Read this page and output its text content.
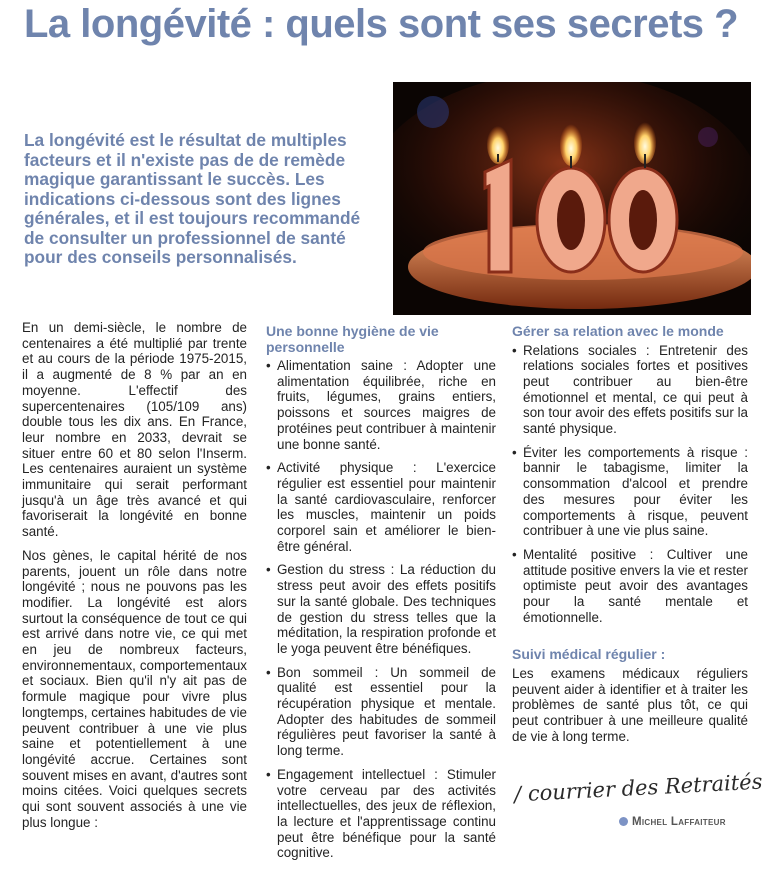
La longévité : quels sont ses secrets ?

La longévité est le résultat de multiples facteurs et il n'existe pas de de remède magique garantissant le succès. Les indications ci-dessous sont des lignes générales, et il est toujours recommandé de consulter un professionnel de santé pour des conseils personnalisés.

En un demi-siècle, le nombre de centenaires a été multiplié par trente et au cours de la période 1975-2015, il a augmenté de 8 % par an en moyenne. L'effectif des supercentenaires (105/109 ans) double tous les dix ans. En France, leur nombre en 2033, devrait se situer entre 60 et 80 selon l'Inserm. Les centenaires auraient un système immunitaire qui serait performant jusqu'à un âge très avancé et qui favoriserait la longévité en bonne santé.

Nos gènes, le capital hérité de nos parents, jouent un rôle dans notre longévité ; nous ne pouvons pas les modifier. La longévité est alors surtout la conséquence de tout ce qui est arrivé dans notre vie, ce qui met en jeu de nombreux facteurs, environnementaux, comportementaux et sociaux. Bien qu'il n'y ait pas de formule magique pour vivre plus longtemps, certaines habitudes de vie peuvent contribuer à une vie plus saine et potentiellement à une longévité accrue. Certaines sont souvent mises en avant, d'autres sont moins citées. Voici quelques secrets qui sont souvent associés à une vie plus longue :

Une bonne hygiène de vie personnelle

• Alimentation saine : Adopter une alimentation équilibrée, riche en fruits, légumes, grains entiers, poissons et sources maigres de protéines peut contribuer à maintenir une bonne santé.

• Activité physique : L'exercice régulier est essentiel pour maintenir la santé cardiovasculaire, renforcer les muscles, maintenir un poids corporel sain et améliorer le bien-être général.

• Gestion du stress : La réduction du stress peut avoir des effets positifs sur la santé globale. Des techniques de gestion du stress telles que la méditation, la respiration profonde et le yoga peuvent être bénéfiques.

• Bon sommeil : Un sommeil de qualité est essentiel pour la récupération physique et mentale. Adopter des habitudes de sommeil régulières peut favoriser la santé à long terme.

• Engagement intellectuel : Stimuler votre cerveau par des activités intellectuelles, des jeux de réflexion, la lecture et l'apprentissage continu peut être bénéfique pour la santé cognitive.

Gérer sa relation avec le monde

• Relations sociales : Entretenir des relations sociales fortes et positives peut contribuer au bien-être émotionnel et mental, ce qui peut à son tour avoir des effets positifs sur la santé physique.

• Éviter les comportements à risque : bannir le tabagisme, limiter la consommation d'alcool et prendre des mesures pour éviter les comportements à risque, peuvent contribuer à une vie plus saine.

• Mentalité positive : Cultiver une attitude positive envers la vie et rester optimiste peut avoir des avantages pour la santé mentale et émotionnelle.

Suivi médical régulier :

Les examens médicaux réguliers peuvent aider à identifier et à traiter les problèmes de santé plus tôt, ce qui peut contribuer à une meilleure qualité de vie à long terme.

/ courrier des Retraités
Michel Laffaiteur
